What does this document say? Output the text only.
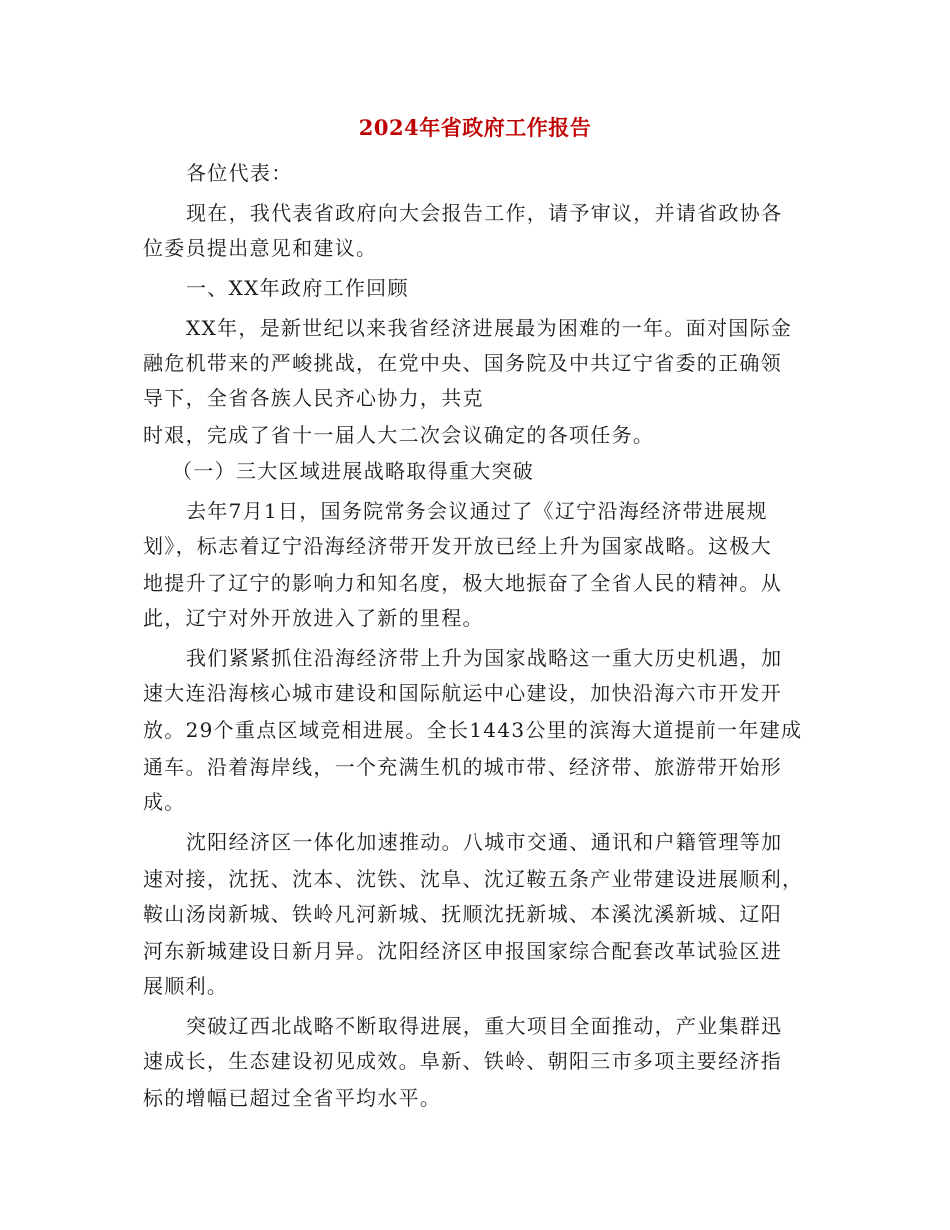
2024年省政府工作报告
各位代表：
现在，我代表省政府向大会报告工作，请予审议，并请省政协各
位委员提出意见和建议。
一、XX年政府工作回顾
XX年，是新世纪以来我省经济进展最为困难的一年。面对国际金
融危机带来的严峻挑战，在党中央、国务院及中共辽宁省委的正确领
导下，全省各族人民齐心协力，共克
时艰，完成了省十一届人大二次会议确定的各项任务。
（一）三大区域进展战略取得重大突破
去年7月1日，国务院常务会议通过了《辽宁沿海经济带进展规
划》，标志着辽宁沿海经济带开发开放已经上升为国家战略。这极大
地提升了辽宁的影响力和知名度，极大地振奋了全省人民的精神。从
此，辽宁对外开放进入了新的里程。
我们紧紧抓住沿海经济带上升为国家战略这一重大历史机遇，加
速大连沿海核心城市建设和国际航运中心建设，加快沿海六市开发开
放。29个重点区域竞相进展。全长1443公里的滨海大道提前一年建成
通车。沿着海岸线，一个充满生机的城市带、经济带、旅游带开始形
成。
沈阳经济区一体化加速推动。八城市交通、通讯和户籍管理等加
速对接，沈抚、沈本、沈铁、沈阜、沈辽鞍五条产业带建设进展顺利，
鞍山汤岗新城、铁岭凡河新城、抚顺沈抚新城、本溪沈溪新城、辽阳
河东新城建设日新月异。沈阳经济区申报国家综合配套改革试验区进
展顺利。
突破辽西北战略不断取得进展，重大项目全面推动，产业集群迅
速成长，生态建设初见成效。阜新、铁岭、朝阳三市多项主要经济指
标的增幅已超过全省平均水平。
